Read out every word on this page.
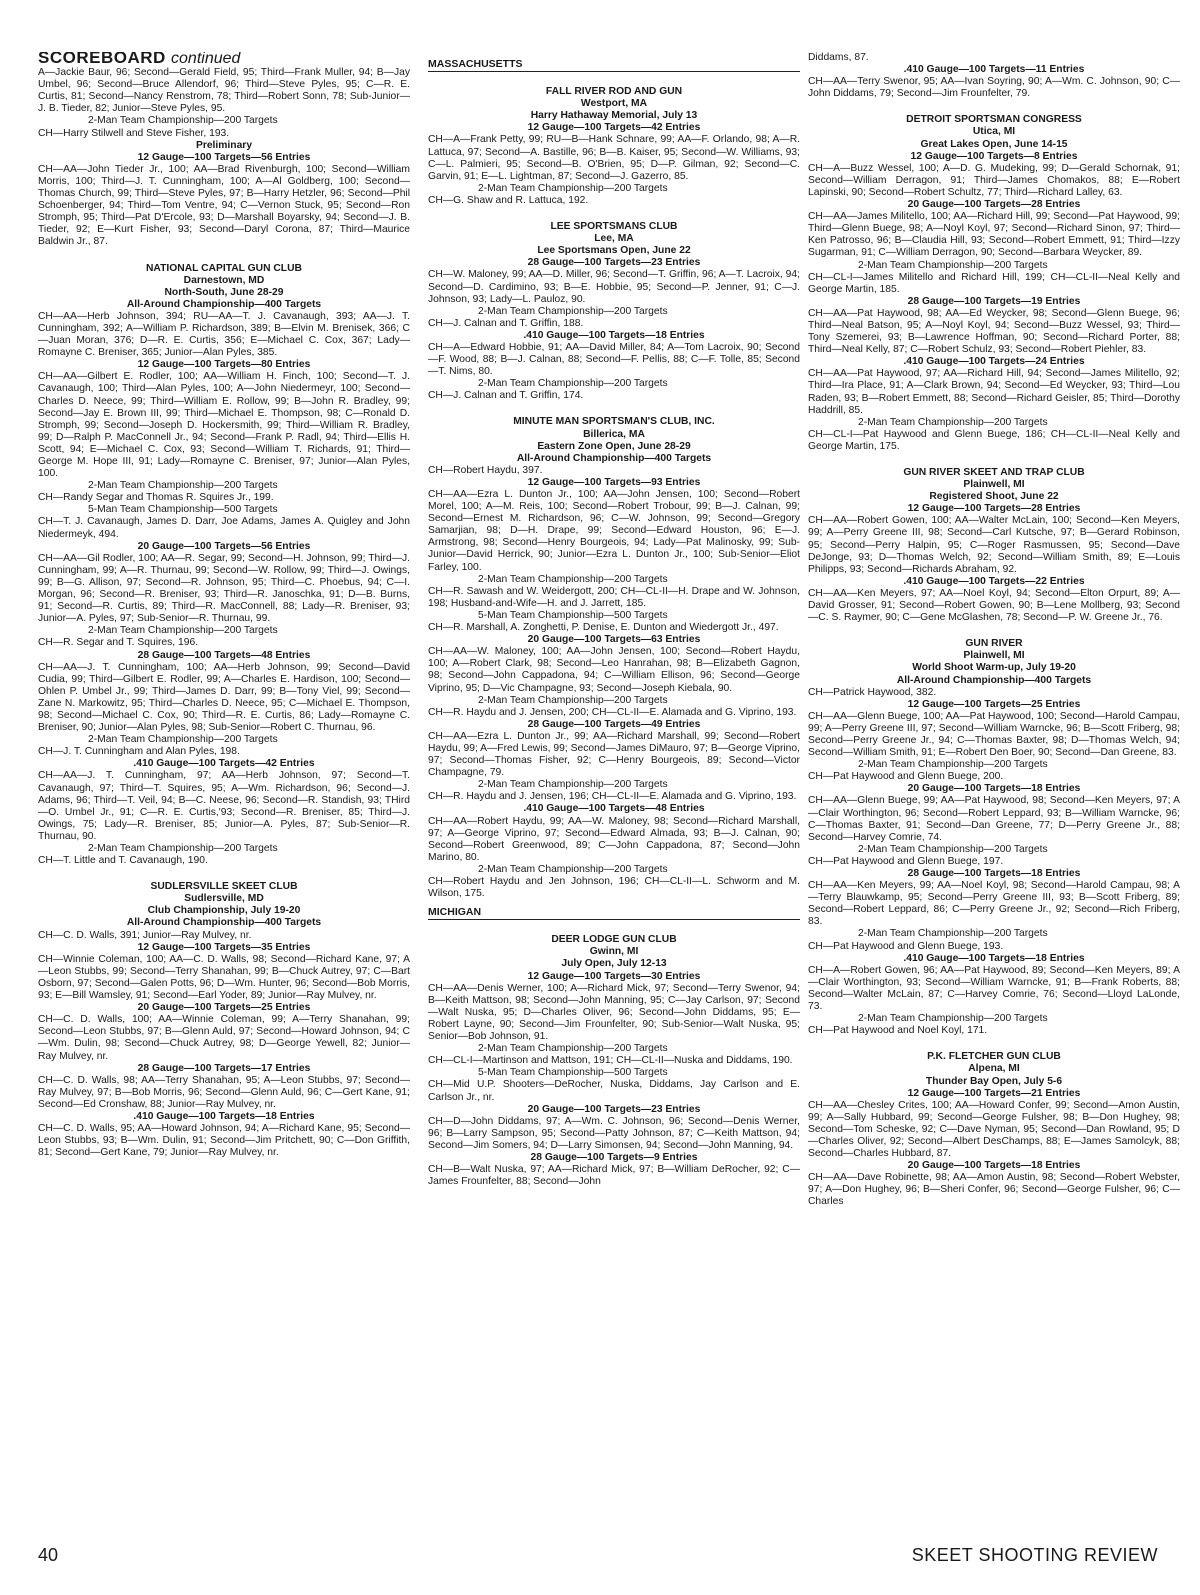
SCOREBOARD continued
A—Jackie Baur, 96; Second—Gerald Field, 95; Third—Frank Muller, 94; B—Jay Umbel, 96; Second—Bruce Allendorf, 96; Third—Steve Pyles, 95; C—R. E. Curtis, 81; Second—Nancy Renstrom, 78; Third—Robert Sonn, 78; Sub-Junior—J. B. Tieder, 82; Junior—Steve Pyles, 95.
2-Man Team Championship—200 Targets
CH—Harry Stilwell and Steve Fisher, 193.
Preliminary
12 Gauge—100 Targets—56 Entries
CH—AA—John Tieder Jr., 100; AA—Brad Rivenburgh, 100; Second—William Morris, 100; Third—J. T. Cunningham, 100; A—Al Goldberg, 100; Second—Thomas Church, 99; Third—Steve Pyles, 97; B—Harry Hetzler, 96; Second—Phil Schoenberger, 94; Third—Tom Ventre, 94; C—Vernon Stuck, 95; Second—Ron Stromph, 95; Third—Pat D'Ercole, 93; D—Marshall Boyarsky, 94; Second—J. B. Tieder, 92; E—Kurt Fisher, 93; Second—Daryl Corona, 87; Third—Maurice Baldwin Jr., 87.
NATIONAL CAPITAL GUN CLUB
Darnestown, MD
North-South, June 28-29
All-Around Championship—400 Targets
CH—AA—Herb Johnson, 394; RU—AA—T. J. Cavanaugh, 393; AA—J. T. Cunningham, 392; A—William P. Richardson, 389; B—Elvin M. Brenisek, 366; C—Juan Moran, 376; D—R. E. Curtis, 356; E—Michael C. Cox, 367; Lady—Romayne C. Breniser, 365; Junior—Alan Pyles, 385.
12 Gauge—100 Targets—80 Entries
CH—AA—Gilbert E. Rodler, 100; AA—William H. Finch, 100; Second—T. J. Cavanaugh, 100; Third—Alan Pyles, 100; A—John Niedermeyr, 100; Second—Charles D. Neece, 99; Third—William E. Rollow, 99; B—John R. Bradley, 99; Second—Jay E. Brown III, 99; Third—Michael E. Thompson, 98; C—Ronald D. Stromph, 99; Second—Joseph D. Hockersmith, 99; Third—William R. Bradley, 99; D—Ralph P. MacConnell Jr., 94; Second—Frank P. Radl, 94; Third—Ellis H. Scott, 94; E—Michael C. Cox, 93; Second—William T. Richards, 91; Third—George M. Hope III, 91; Lady—Romayne C. Breniser, 97; Junior—Alan Pyles, 100.
2-Man Team Championship—200 Targets
CH—Randy Segar and Thomas R. Squires Jr., 199.
5-Man Team Championship—500 Targets
CH—T. J. Cavanaugh, James D. Darr, Joe Adams, James A. Quigley and John Niedermeyk, 494.
20 Gauge—100 Targets—56 Entries
CH—AA—Gil Rodler, 100; AA—R. Segar, 99; Second—H. Johnson, 99; Third—J. Cunningham, 99; A—R. Thurnau, 99; Second—W. Rollow, 99; Third—J. Owings, 99; B—G. Allison, 97; Second—R. Johnson, 95; Third—C. Phoebus, 94; C—I. Morgan, 96; Second—R. Breniser, 93; Third—R. Janoschka, 91; D—B. Burns, 91; Second—R. Curtis, 89; Third—R. MacConnell, 88; Lady—R. Breniser, 93; Junior—A. Pyles, 97; Sub-Senior—R. Thurnau, 99.
2-Man Team Championship—200 Targets
CH—R. Segar and T. Squires, 196.
28 Gauge—100 Targets—48 Entries
CH—AA—J. T. Cunningham, 100; AA—Herb Johnson, 99; Second—David Cudia, 99; Third—Gilbert E. Rodler, 99; A—Charles E. Hardison, 100; Second—Ohlen P. Umbel Jr., 99; Third—James D. Darr, 99; B—Tony Viel, 99; Second—Zane N. Markowitz, 95; Third—Charles D. Neece, 95; C—Michael E. Thompson, 98; Second—Michael C. Cox, 90; Third—R. E. Curtis, 86; Lady—Romayne C. Breniser, 90; Junior—Alan Pyles, 98; Sub-Senior—Robert C. Thurnau, 96.
2-Man Team Championship—200 Targets
CH—J. T. Cunningham and Alan Pyles, 198.
.410 Gauge—100 Targets—42 Entries
CH—AA—J. T. Cunningham, 97; AA—Herb Johnson, 97; Second—T. Cavanaugh, 97; Third—T. Squires, 95; A—Wm. Richardson, 96; Second—J. Adams, 96; Third—T. Veil, 94; B—C. Neese, 96; Second—R. Standish, 93; THird—O. Umbel Jr., 91; C—R. E. Curtis,'93; Second—R. Breniser, 85; Third—J. Owings, 75; Lady—R. Breniser, 85; Junior—A. Pyles, 87; Sub-Senior—R. Thurnau, 90.
2-Man Team Championship—200 Targets
CH—T. Little and T. Cavanaugh, 190.
SUDLERSVILLE SKEET CLUB
Sudlersville, MD
Club Championship, July 19-20
All-Around Championship—400 Targets
CH—C. D. Walls, 391; Junior—Ray Mulvey, nr.
12 Gauge—100 Targets—35 Entries
CH—Winnie Coleman, 100; AA—C. D. Walls, 98; Second—Richard Kane, 97; A—Leon Stubbs, 99; Second—Terry Shanahan, 99; B—Chuck Autrey, 97; C—Bart Osborn, 97; Second—Galen Potts, 96; D—Wm. Hunter, 96; Second—Bob Morris, 93; E—Bill Wamsley, 91; Second—Earl Yoder, 89; Junior—Ray Mulvey, nr.
20 Gauge—100 Targets—25 Entries
CH—C. D. Walls, 100; AA—Winnie Coleman, 99; A—Terry Shanahan, 99; Second—Leon Stubbs, 97; B—Glenn Auld, 97; Second—Howard Johnson, 94; C—Wm. Dulin, 98; Second—Chuck Autrey, 98; D—George Yewell, 82; Junior—Ray Mulvey, nr.
28 Gauge—100 Targets—17 Entries
CH—C. D. Walls, 98; AA—Terry Shanahan, 95; A—Leon Stubbs, 97; Second—Ray Mulvey, 97; B—Bob Morris, 96; Second—Glenn Auld, 96; C—Gert Kane, 91; Second—Ed Cronshaw, 88; Junior—Ray Mulvey, nr.
.410 Gauge—100 Targets—18 Entries
CH—C. D. Walls, 95; AA—Howard Johnson, 94; A—Richard Kane, 95; Second—Leon Stubbs, 93; B—Wm. Dulin, 91; Second—Jim Pritchett, 90; C—Don Griffith, 81; Second—Gert Kane, 79; Junior—Ray Mulvey, nr.
MASSACHUSETTS
FALL RIVER ROD AND GUN
Westport, MA
Harry Hathaway Memorial, July 13
12 Gauge—100 Targets—42 Entries
CH—A—Frank Petty, 99; RU—B—Hank Schnare, 99; AA—F. Orlando, 98; A—R. Lattuca, 97; Second—A. Bastille, 96; B—B. Kaiser, 95; Second—W. Williams, 93; C—L. Palmieri, 95; Second—B. O'Brien, 95; D—P. Gilman, 92; Second—C. Garvin, 91; E—L. Lightman, 87; Second—J. Gazerro, 85.
2-Man Team Championship—200 Targets
CH—G. Shaw and R. Lattuca, 192.
LEE SPORTSMANS CLUB
Lee, MA
Lee Sportsmans Open, June 22
28 Gauge—100 Targets—23 Entries
CH—W. Maloney, 99; AA—D. Miller, 96; Second—T. Griffin, 96; A—T. Lacroix, 94; Second—D. Cardimino, 93; B—E. Hobbie, 95; Second—P. Jenner, 91; C—J. Johnson, 93; Lady—L. Pauloz, 90.
2-Man Team Championship—200 Targets
CH—J. Calnan and T. Griffin, 188.
.410 Gauge—100 Targets—18 Entries
CH—A—Edward Hobbie, 91; AA—David Miller, 84; A—Tom Lacroix, 90; Second—F. Wood, 88; B—J. Calnan, 88; Second—F. Pellis, 88; C—F. Tolle, 85; Second—T. Nims, 80.
2-Man Team Championship—200 Targets
CH—J. Calnan and T. Griffin, 174.
MINUTE MAN SPORTSMAN'S CLUB, INC.
Billerica, MA
Eastern Zone Open, June 28-29
All-Around Championship—400 Targets
CH—Robert Haydu, 397.
12 Gauge—100 Targets—93 Entries
CH—AA—Ezra L. Dunton Jr., 100; AA—John Jensen, 100; Second—Robert Morel, 100; A—M. Reis, 100; Second—Robert Trobour, 99; B—J. Calnan, 99; Second—Ernest M. Richardson, 96; C—W. Johnson, 99; Second—Gregory Samarjian, 98; D—H. Drape, 99; Second—Edward Houston, 96; E—J. Armstrong, 98; Second—Henry Bourgeois, 94; Lady—Pat Malinosky, 99; Sub-Junior—David Herrick, 90; Junior—Ezra L. Dunton Jr., 100; Sub-Senior—Eliot Farley, 100.
2-Man Team Championship—200 Targets
CH—R. Sawash and W. Weidergott, 200; CH—CL-II—H. Drape and W. Johnson, 198; Husband-and-Wife—H. and J. Jarrett, 185.
5-Man Team Championship—500 Targets
CH—R. Marshall, A. Zonghetti, P. Denise, E. Dunton and Wiedergott Jr., 497.
20 Gauge—100 Targets—63 Entries
CH—AA—W. Maloney, 100; AA—John Jensen, 100; Second—Robert Haydu, 100; A—Robert Clark, 98; Second—Leo Hanrahan, 98; B—Elizabeth Gagnon, 98; Second—John Cappadona, 94; C—William Ellison, 96; Second—George Viprino, 95; D—Vic Champagne, 93; Second—Joseph Kiebala, 90.
2-Man Team Championship—200 Targets
CH—R. Haydu and J. Jensen, 200; CH—CL-II—E. Alamada and G. Viprino, 193.
28 Gauge—100 Targets—49 Entries
CH—AA—Ezra L. Dunton Jr., 99; AA—Richard Marshall, 99; Second—Robert Haydu, 99; A—Fred Lewis, 99; Second—James DiMauro, 97; B—George Viprino, 97; Second—Thomas Fisher, 92; C—Henry Bourgeois, 89; Second—Victor Champagne, 79.
2-Man Team Championship—200 Targets
CH—R. Haydu and J. Jensen, 196; CH—CL-II—E. Alamada and G. Viprino, 193.
.410 Gauge—100 Targets—48 Entries
CH—AA—Robert Haydu, 99; AA—W. Maloney, 98; Second—Richard Marshall, 97; A—George Viprino, 97; Second—Edward Almada, 93; B—J. Calnan, 90; Second—Robert Greenwood, 89; C—John Cappadona, 87; Second—John Marino, 80.
2-Man Team Championship—200 Targets
CH—Robert Haydu and Jen Johnson, 196; CH—CL-II—L. Schworm and M. Wilson, 175.
MICHIGAN
DEER LODGE GUN CLUB
Gwinn, MI
July Open, July 12-13
12 Gauge—100 Targets—30 Entries
CH—AA—Denis Werner, 100; A—Richard Mick, 97; Second—Terry Swenor, 94; B—Keith Mattson, 98; Second—John Manning, 95; C—Jay Carlson, 97; Second—Walt Nuska, 95; D—Charles Oliver, 96; Second—John Diddams, 95; E—Robert Layne, 90; Second—Jim Frounfelter, 90; Sub-Senior—Walt Nuska, 95; Senior—Bob Johnson, 91.
2-Man Team Championship—200 Targets
CH—CL-I—Martinson and Mattson, 191; CH—CL-II—Nuska and Diddams, 190.
5-Man Team Championship—500 Targets
CH—Mid U.P. Shooters—DeRocher, Nuska, Diddams, Jay Carlson and E. Carlson Jr., nr.
20 Gauge—100 Targets—23 Entries
CH—D—John Diddams, 97; A—Wm. C. Johnson, 96; Second—Denis Werner, 96; B—Larry Sampson, 95; Second—Patty Johnson, 87; C—Keith Mattson, 94; Second—Jim Somers, 94; D—Larry Simonsen, 94; Second—John Manning, 94.
28 Gauge—100 Targets—9 Entries
CH—B—Walt Nuska, 97; AA—Richard Mick, 97; B—William DeRocher, 92; C—James Frounfelter, 88; Second—John
Diddams, 87.
.410 Gauge—100 Targets—11 Entries
CH—AA—Terry Swenor, 95; AA—Ivan Soyring, 90; A—Wm. C. Johnson, 90; C—John Diddams, 79; Second—Jim Frounfelter, 79.
DETROIT SPORTSMAN CONGRESS
Utica, MI
Great Lakes Open, June 14-15
12 Gauge—100 Targets—8 Entries
CH—A—Buzz Wessel, 100; A—D. G. Mudeking, 99; D—Gerald Schornak, 91; Second—William Derragon, 91; Third—James Chomakos, 88; E—Robert Lapinski, 90; Second—Robert Schultz, 77; Third—Richard Lalley, 63.
20 Gauge—100 Targets—28 Entries
CH—AA—James Militello, 100; AA—Richard Hill, 99; Second—Pat Haywood, 99; Third—Glenn Buege, 98; A—Noyl Koyl, 97; Second—Richard Sinon, 97; Third—Ken Patrosso, 96; B—Claudia Hill, 93; Second—Robert Emmett, 91; Third—Izzy Sugarman, 91; C—William Derragon, 90; Second—Barbara Weycker, 89.
2-Man Team Championship—200 Targets
CH—CL-I—James Militello and Richard Hill, 199; CH—CL-II—Neal Kelly and George Martin, 185.
28 Gauge—100 Targets—19 Entries
CH—AA—Pat Haywood, 98; AA—Ed Weycker, 98; Second—Glenn Buege, 96; Third—Neal Batson, 95; A—Noyl Koyl, 94; Second—Buzz Wessel, 93; Third—Tony Szemerei, 93; B—Lawrence Hoffman, 90; Second—Richard Porter, 88; Third—Neal Kelly, 87; C—Robert Schulz, 93; Second—Robert Piehler, 83.
.410 Gauge—100 Targets—24 Entries
CH—AA—Pat Haywood, 97; AA—Richard Hill, 94; Second—James Militello, 92; Third—Ira Place, 91; A—Clark Brown, 94; Second—Ed Weycker, 93; Third—Lou Raden, 93; B—Robert Emmett, 88; Second—Richard Geisler, 85; Third—Dorothy Haddrill, 85.
2-Man Team Championship—200 Targets
CH—CL-I—Pat Haywood and Glenn Buege, 186; CH—CL-II—Neal Kelly and George Martin, 175.
GUN RIVER SKEET AND TRAP CLUB
Plainwell, MI
Registered Shoot, June 22
12 Gauge—100 Targets—28 Entries
CH—AA—Robert Gowen, 100; AA—Walter McLain, 100; Second—Ken Meyers, 99; A—Perry Greene III, 98; Second—Carl Kutsche, 97; B—Gerard Robinson, 95; Second—Perry Halpin, 95; C—Roger Rasmussen, 95; Second—Dave DeJonge, 93; D—Thomas Welch, 92; Second—William Smith, 89; E—Louis Philipps, 93; Second—Richards Abraham, 92.
.410 Gauge—100 Targets—22 Entries
CH—AA—Ken Meyers, 97; AA—Noel Koyl, 94; Second—Elton Orpurt, 89; A—David Grosser, 91; Second—Robert Gowen, 90; B—Lene Mollberg, 93; Second—C. S. Raymer, 90; C—Gene McGlashen, 78; Second—P. W. Greene Jr., 76.
GUN RIVER
Plainwell, MI
World Shoot Warm-up, July 19-20
All-Around Championship—400 Targets
CH—Patrick Haywood, 382.
12 Gauge—100 Targets—25 Entries
CH—AA—Glenn Buege, 100; AA—Pat Haywood, 100; Second—Harold Campau, 99; A—Perry Greene III, 97; Second—William Warncke, 96; B—Scott Friberg, 98; Second—Perry Greene Jr., 94; C—Thomas Baxter, 98; D—Thomas Welch, 94; Second—William Smith, 91; E—Robert Den Boer, 90; Second—Dan Greene, 83.
2-Man Team Championship—200 Targets
CH—Pat Haywood and Glenn Buege, 200.
20 Gauge—100 Targets—18 Entries
CH—AA—Glenn Buege, 99; AA—Pat Haywood, 98; Second—Ken Meyers, 97; A—Clair Worthington, 96; Second—Robert Leppard, 93; B—William Warncke, 96; C—Thomas Baxter, 91; Second—Dan Greene, 77; D—Perry Greene Jr., 88; Second—Harvey Comrie, 74.
2-Man Team Championship—200 Targets
CH—Pat Haywood and Glenn Buege, 197.
28 Gauge—100 Targets—18 Entries
CH—AA—Ken Meyers, 99; AA—Noel Koyl, 98; Second—Harold Campau, 98; A—Terry Blauwkamp, 95; Second—Perry Greene III, 93; B—Scott Friberg, 89; Second—Robert Leppard, 86; C—Perry Greene Jr., 92; Second—Rich Friberg, 83.
2-Man Team Championship—200 Targets
CH—Pat Haywood and Glenn Buege, 193.
.410 Gauge—100 Targets—18 Entries
CH—A—Robert Gowen, 96; AA—Pat Haywood, 89; Second—Ken Meyers, 89; A—Clair Worthington, 93; Second—William Warncke, 91; B—Frank Roberts, 88; Second—Walter McLain, 87; C—Harvey Comrie, 76; Second—Lloyd LaLonde, 73.
2-Man Team Championship—200 Targets
CH—Pat Haywood and Noel Koyl, 171.
P.K. FLETCHER GUN CLUB
Alpena, MI
Thunder Bay Open, July 5-6
12 Gauge—100 Targets—21 Entries
CH—AA—Chesley Crites, 100; AA—Howard Confer, 99; Second—Amon Austin, 99; A—Sally Hubbard, 99; Second—George Fulsher, 98; B—Don Hughey, 98; Second—Tom Scheske, 92; C—Dave Nyman, 95; Second—Dan Rowland, 95; D—Charles Oliver, 92; Second—Albert DesChamps, 88; E—James Samolcyk, 88; Second—Charles Hubbard, 87.
20 Gauge—100 Targets—18 Entries
CH—AA—Dave Robinette, 98; AA—Amon Austin, 98; Second—Robert Webster, 97; A—Don Hughey, 96; B—Sheri Confer, 96; Second—George Fulsher, 96; C—Charles
40	SKEET SHOOTING REVIEW
